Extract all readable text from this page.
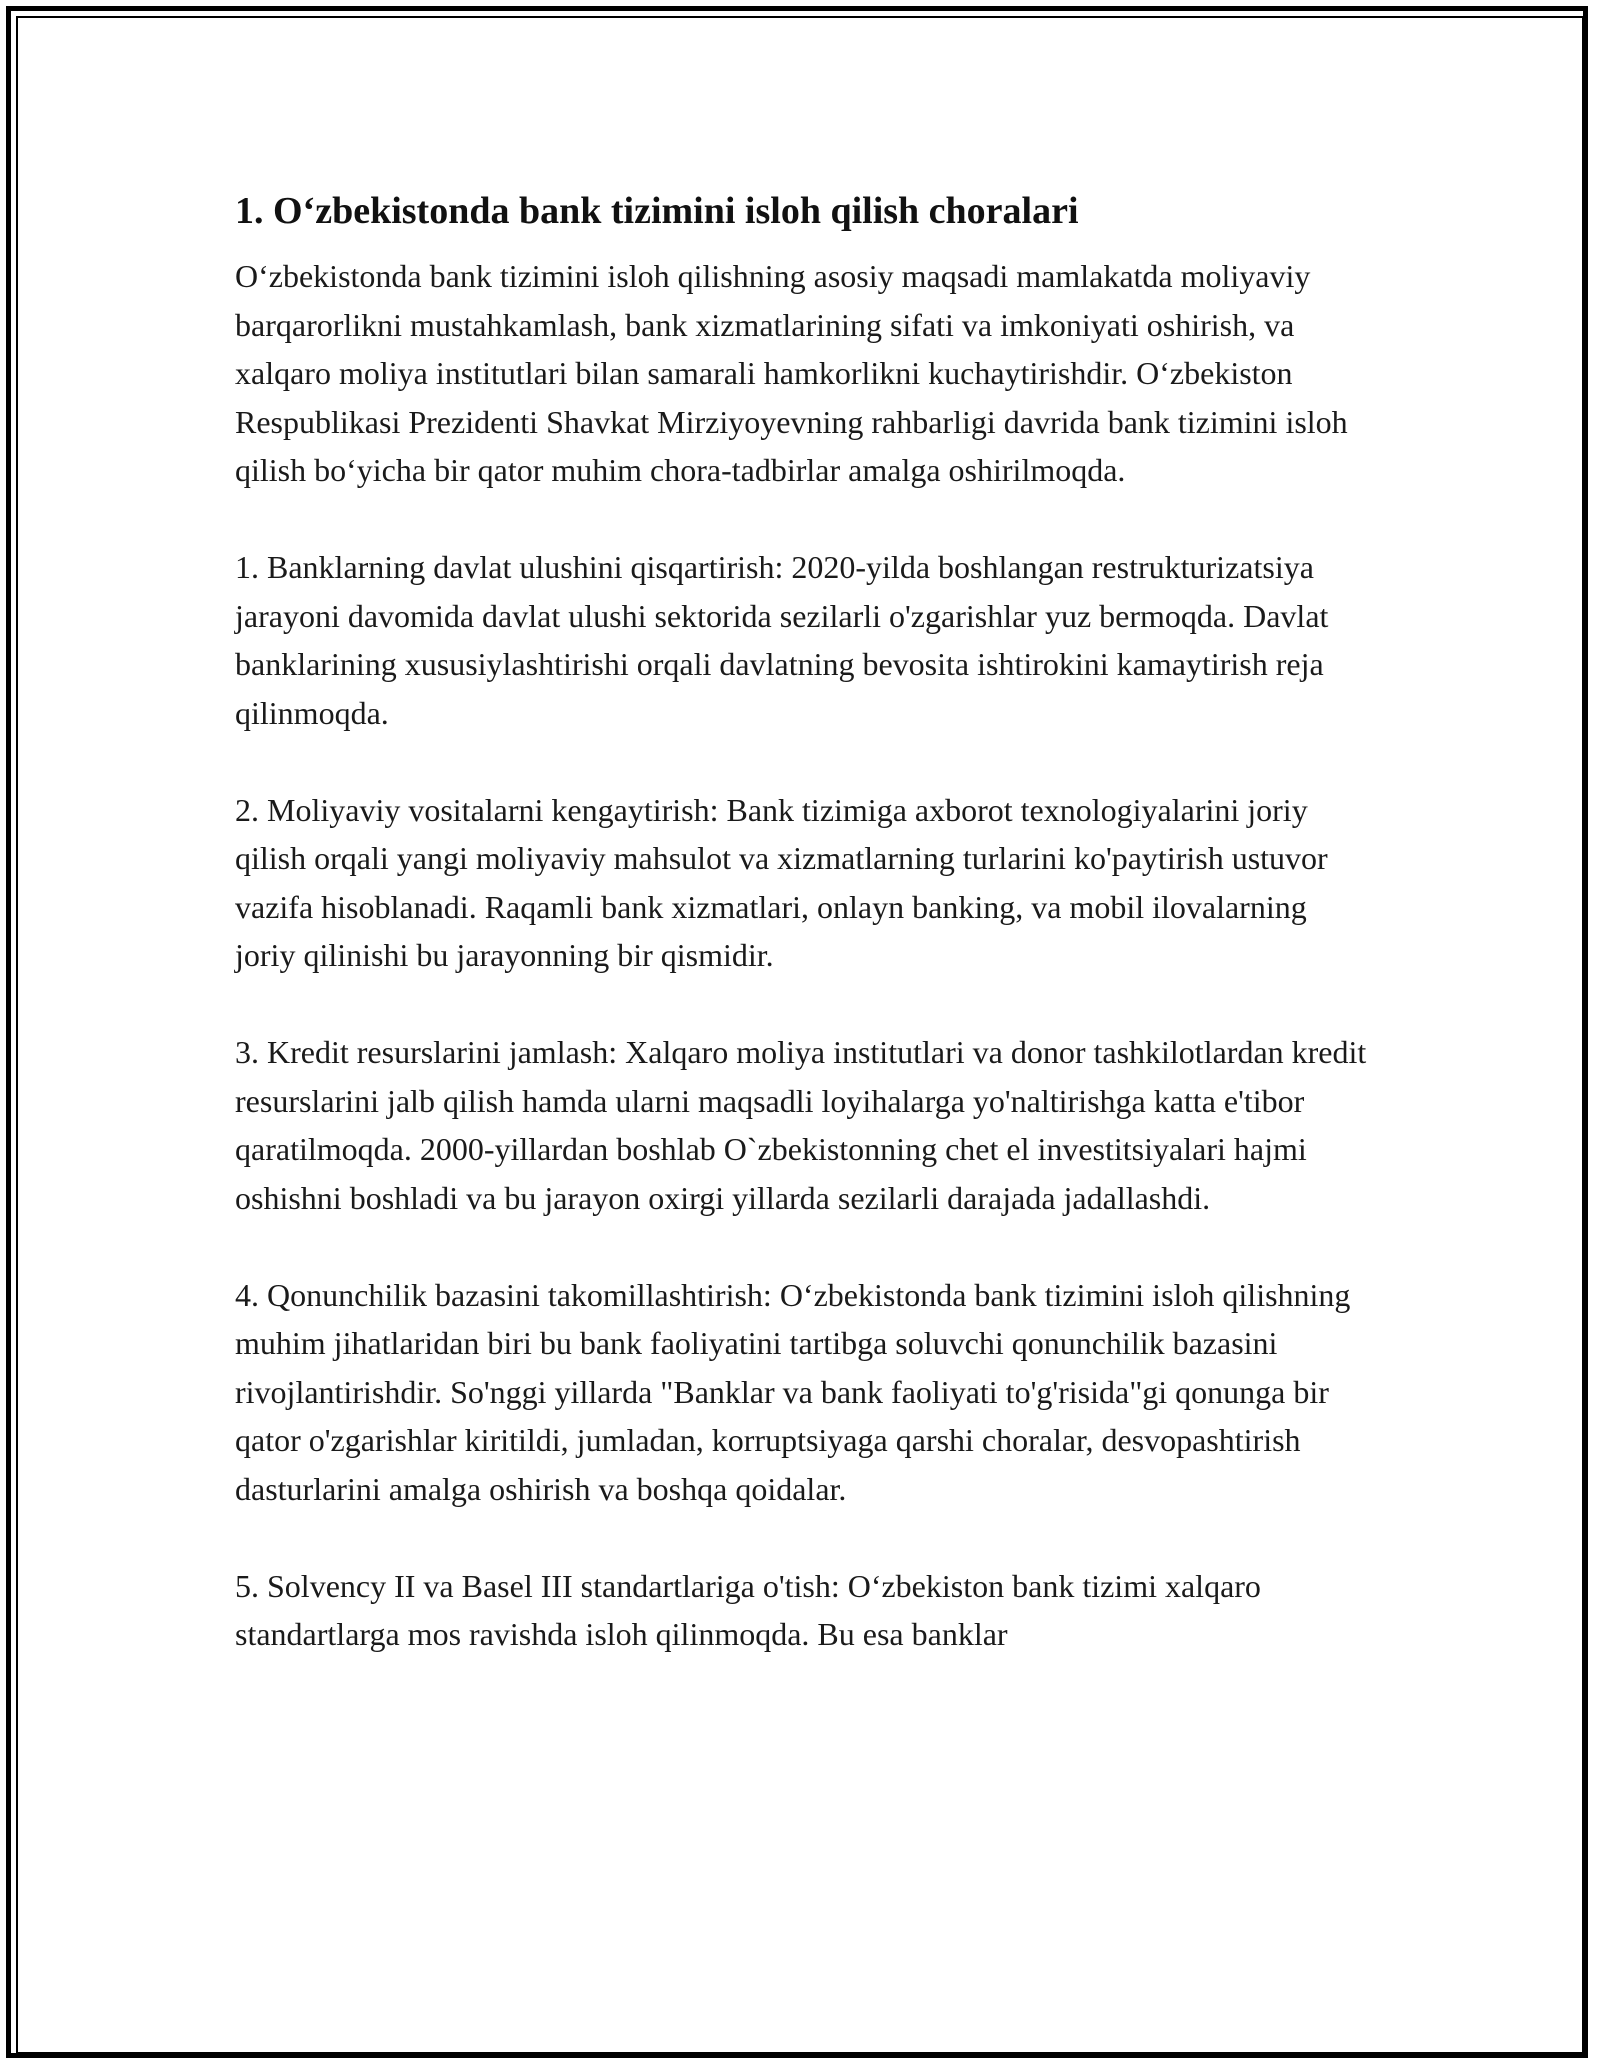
1. O‘zbekistonda bank tizimini isloh qilish choralari

O‘zbekistonda bank tizimini isloh qilishning asosiy maqsadi mamlakatda moliyaviy barqarorlikni mustahkamlash, bank xizmatlarining sifati va imkoniyati oshirish, va xalqaro moliya institutlari bilan samarali hamkorlikni kuchaytirishdir. O‘zbekiston Respublikasi Prezidenti Shavkat Mirziyoyevning rahbarligi davrida bank tizimini isloh qilish bo‘yicha bir qator muhim chora-tadbirlar amalga oshirilmoqda.

1. Banklarning davlat ulushini qisqartirish: 2020-yilda boshlangan restrukturizatsiya jarayoni davomida davlat ulushi sektorida sezilarli o'zgarishlar yuz bermoqda. Davlat banklarining xususiylashtirishi orqali davlatning bevosita ishtirokini kamaytirish reja qilinmoqda.

2. Moliyaviy vositalarni kengaytirish: Bank tizimiga axborot texnologiyalarini joriy qilish orqali yangi moliyaviy mahsulot va xizmatlarning turlarini ko'paytirish ustuvor vazifa hisoblanadi. Raqamli bank xizmatlari, onlayn banking, va mobil ilovalarning joriy qilinishi bu jarayonning bir qismidir.

3. Kredit resurslarini jamlash: Xalqaro moliya institutlari va donor tashkilotlardan kredit resurslarini jalb qilish hamda ularni maqsadli loyihalarga yo'naltirishga katta e'tibor qaratilmoqda. 2000-yillardan boshlab O`zbekistonning chet el investitsiyalari hajmi oshishni boshladi va bu jarayon oxirgi yillarda sezilarli darajada jadallashdi.

4. Qonunchilik bazasini takomillashtirish: O‘zbekistonda bank tizimini isloh qilishning muhim jihatlaridan biri bu bank faoliyatini tartibga soluvchi qonunchilik bazasini rivojlantirishdir. So'nggi yillarda "Banklar va bank faoliyati to'g'risida"gi qonunga bir qator o'zgarishlar kiritildi, jumladan, korruptsiyaga qarshi choralar, desvopashtirish dasturlarini amalga oshirish va boshqa qoidalar.

5. Solvency II va Basel III standartlariga o'tish: O‘zbekiston bank tizimi xalqaro standartlarga mos ravishda isloh qilinmoqda. Bu esa banklar
